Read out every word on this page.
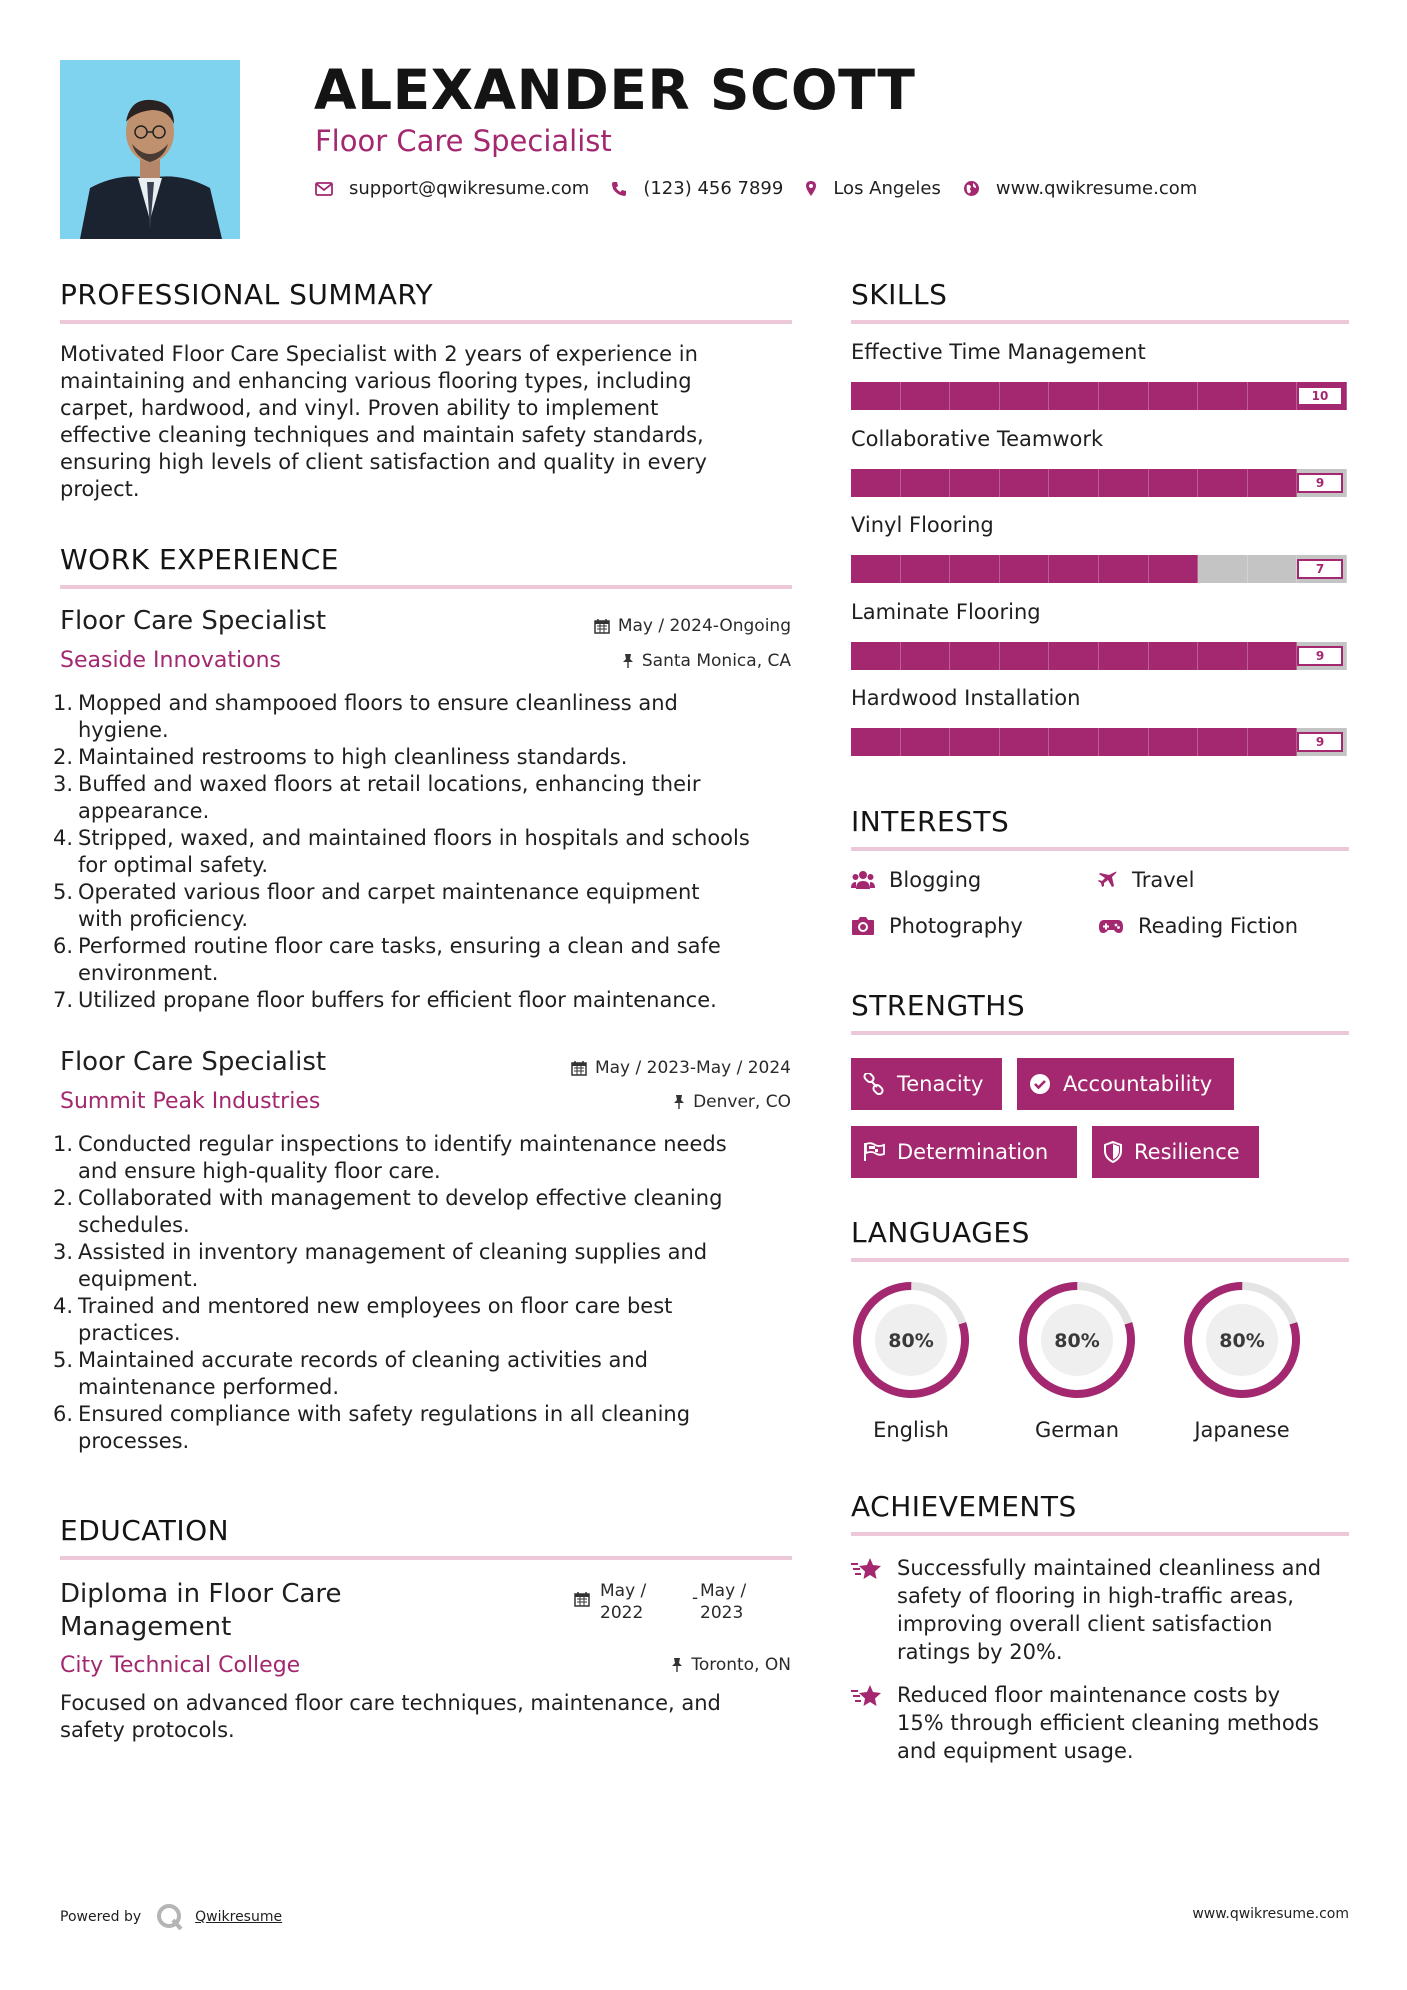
ALEXANDER SCOTT
Floor Care Specialist
support@qwikresume.com	(123) 456 7899	Los Angeles	www.qwikresume.com
PROFESSIONAL SUMMARY
Motivated Floor Care Specialist with 2 years of experience in
maintaining and enhancing various flooring types, including
carpet, hardwood, and vinyl. Proven ability to implement
effective cleaning techniques and maintain safety standards,
ensuring high levels of client satisfaction and quality in every
project.
WORK EXPERIENCE
Floor Care Specialist	May / 2024-Ongoing
Seaside Innovations	Santa Monica, CA
1. Mopped and shampooed floors to ensure cleanliness and
hygiene.
2. Maintained restrooms to high cleanliness standards.
3. Buffed and waxed floors at retail locations, enhancing their
appearance.
4. Stripped, waxed, and maintained floors in hospitals and schools
for optimal safety.
5. Operated various floor and carpet maintenance equipment
with proficiency.
6. Performed routine floor care tasks, ensuring a clean and safe
environment.
7. Utilized propane floor buffers for efficient floor maintenance.
Floor Care Specialist	May / 2023-May / 2024
Summit Peak Industries	Denver, CO
1. Conducted regular inspections to identify maintenance needs
and ensure high-quality floor care.
2. Collaborated with management to develop effective cleaning
schedules.
3. Assisted in inventory management of cleaning supplies and
equipment.
4. Trained and mentored new employees on floor care best
practices.
5. Maintained accurate records of cleaning activities and
maintenance performed.
6. Ensured compliance with safety regulations in all cleaning
processes.
EDUCATION
Diploma in Floor Care
Management
May /
2022
- May /
2023
City Technical College	Toronto, ON
Focused on advanced floor care techniques, maintenance, and
safety protocols.
SKILLS
Effective Time Management
10
Collaborative Teamwork
9
Vinyl Flooring
7
Laminate Flooring
9
Hardwood Installation
9
INTERESTS
Blogging	Travel
Photography	Reading Fiction
STRENGTHS
Tenacity	Accountability
Determination	Resilience
LANGUAGES
80%
English
80%
German
80%
Japanese
ACHIEVEMENTS
Successfully maintained cleanliness and
safety of flooring in high-traffic areas,
improving overall client satisfaction
ratings by 20%.
Reduced floor maintenance costs by
15% through efficient cleaning methods
and equipment usage.
Powered by	Qwikresume	www.qwikresume.com
